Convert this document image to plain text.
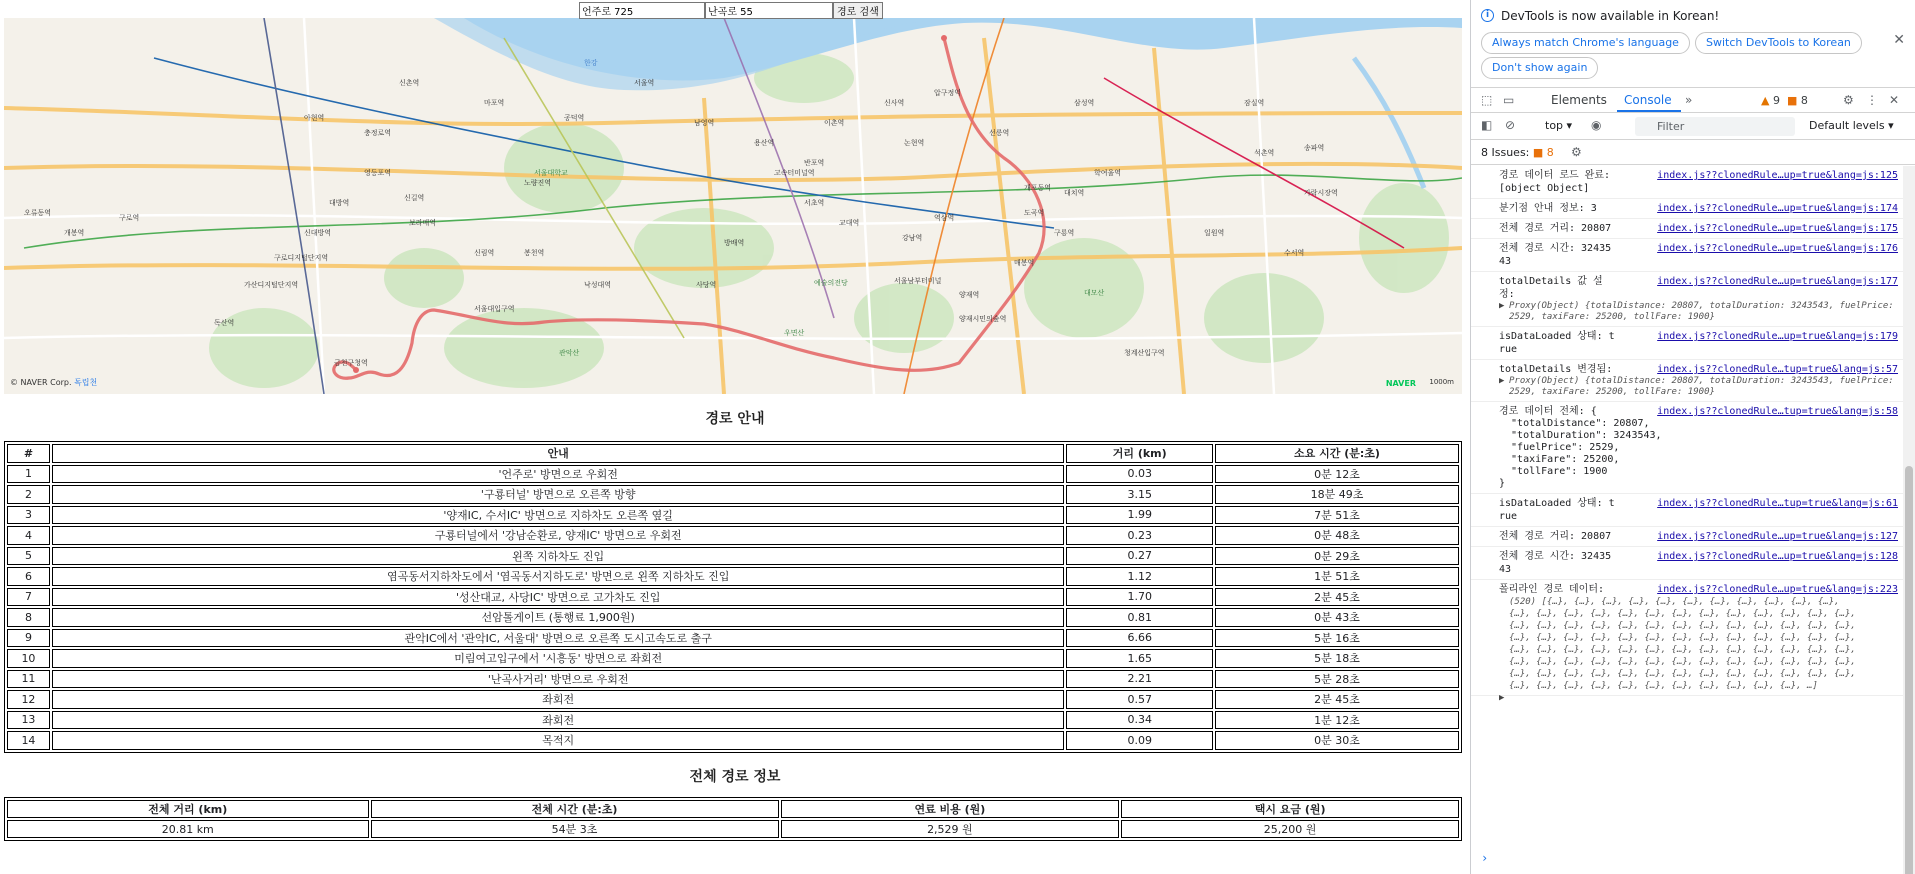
언주로 725
난곡로 55
경로 검색
신촌역
아현역
충정로역
마포역
공덕역
용산역
서울역
남영역	이촌역
노량진역
영등포역
신길역
대방역
신림역	봉천역
서울대입구역
낙성대역	사당역
방배역
서초역
교대역
강남역
역삼역
선릉역
삼성역
양재역
매봉역
도곡역
대치역
학여울역
압구정역
신사역
논현역
반포역
고속터미널역
잠실역
석촌역
송파역
가락시장역
수서역
일원역
개포동역
구룡역
대모산
서울대학교
관악산
예술의전당
우면산
한강
구로디지털단지역
가산디지털단지역
독산역
금천구청역
신대방역
보라매역
양재시민의숲역
청계산입구역
서울남부터미널
구로역
개봉역
오류동역
© NAVER Corp. 독립천	NAVER 1000m
경로 안내
#	안내	거리 (km)	소요 시간 (분:초)
1	'언주로' 방면으로 우회전	0.03	0분 12초
2	'구룡터널' 방면으로 오른쪽 방향	3.15	18분 49초
3	'양재IC, 수서IC' 방면으로 지하차도 오른쪽 옆길	1.99	7분 51초
4	구룡터널에서 '강남순환로, 양재IC' 방면으로 우회전	0.23	0분 48초
5	왼쪽 지하차도 진입	0.27	0분 29초
6	염곡동서지하차도에서 '염곡동서지하도로' 방면으로 왼쪽 지하차도 진입	1.12	1분 51초
7	'성산대교, 사당IC' 방면으로 고가차도 진입	1.70	2분 45초
8	선암톨게이트 (통행료 1,900원)	0.81	0분 43초
9	관악IC에서 '관악IC, 서울대' 방면으로 오른쪽 도시고속도로 출구	6.66	5분 16초
10	미림여고입구에서 '시흥동' 방면으로 좌회전	1.65	5분 18초
11	'난곡사거리' 방면으로 우회전	2.21	5분 28초
12	좌회전	0.57	2분 45초
13	좌회전	0.34	1분 12초
14	목적지	0.09	0분 30초
전체 경로 정보
전체 거리 (km)	전체 시간 (분:초)	연료 비용 (원)	택시 요금 (원)
20.81 km	54분 3초	2,529 원	25,200 원
i DevTools is now available in Korean!
✕
Always match Chrome's language	Switch DevTools to Korean
Don't show again
⬚ ▭	Elements Console »	▲ 9 ■ 8	⚙ ⋮ ✕
◧ ⊘	top ▾ ◉	Filter	Default levels ▾
8 Issues: ■ 8 ⚙
경로 데이터 로드 완료:[object Object]
index.js??clonedRule…up=true&lang=js:125
분기점 안내 정보: 3	index.js??clonedRule…up=true&lang=js:174
전체 경로 거리: 20807	index.js??clonedRule…up=true&lang=js:175
전체 경로 시간: 3243543
index.js??clonedRule…up=true&lang=js:176
totalDetails 값 설정:
index.js??clonedRule…up=true&lang=js:177
▶ Proxy(Object) {totalDistance: 20807, totalDuration: 3243543, fuelPrice: 2529, taxiFare: 25200, tollFare: 1900}
isDataLoaded 상태: true
index.js??clonedRule…up=true&lang=js:179
totalDetails 변경됨:	index.js??clonedRule…tup=true&lang=js:57
▶ Proxy(Object) {totalDistance: 20807, totalDuration: 3243543, fuelPrice: 2529, taxiFare: 25200, tollFare: 1900}
경로 데이터 전체: {	index.js??clonedRule…tup=true&lang=js:58
"totalDistance": 20807,
"totalDuration": 3243543,
"fuelPrice": 2529,
"taxiFare": 25200,
"tollFare": 1900
}
isDataLoaded 상태: true
index.js??clonedRule…tup=true&lang=js:61
전체 경로 거리: 20807	index.js??clonedRule…up=true&lang=js:127
전체 경로 시간: 3243543
index.js??clonedRule…up=true&lang=js:128
폴리라인 경로 데이터:	index.js??clonedRule…up=true&lang=js:223
▶
(520) [{…}, {…}, {…}, {…}, {…}, {…}, {…}, {…}, {…}, {…}, {…}, {…}, {…}, {…}, {…}, {…}, {…}, {…}, {…}, {…}, {…}, {…}, {…}, {…}, {…}, {…}, {…}, {…}, {…}, {…}, {…}, {…}, {…}, {…}, {…}, {…}, {…}, {…}, {…}, {…}, {…}, {…}, {…}, {…}, {…}, {…}, {…}, {…}, {…}, {…}, {…}, {…}, {…}, {…}, {…}, {…}, {…}, {…}, {…}, {…}, {…}, {…}, {…}, {…}, {…}, {…}, {…}, {…}, {…}, {…}, {…}, {…}, {…}, {…}, {…}, {…}, {…}, {…}, {…}, {…}, {…}, {…}, {…}, {…}, {…}, {…}, {…}, {…}, {…}, {…}, {…}, {…}, {…}, {…}, {…}, {…}, {…}, {…}, {…}, {…}, …]
›
